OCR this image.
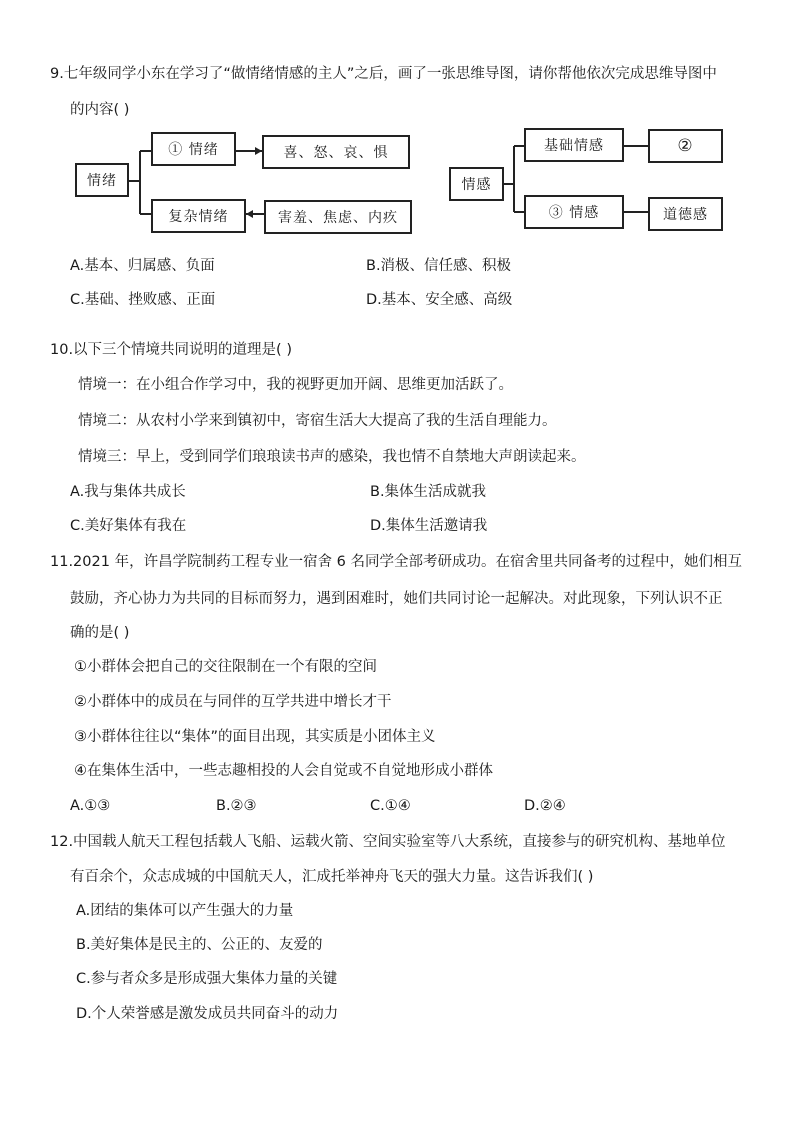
9.七年级同学小东在学习了“做情绪情感的主人”之后，画了一张思维导图，请你帮他依次完成思维导图中
的内容( )
情绪
① 情绪	喜、怒、哀、惧
复杂情绪	害羞、焦虑、内疚
情感
基础情感	②
③ 情感	道德感
A.基本、归属感、负面	B.消极、信任感、积极
C.基础、挫败感、正面	D.基本、安全感、高级
10.以下三个情境共同说明的道理是( )
情境一：在小组合作学习中，我的视野更加开阔、思维更加活跃了。
情境二：从农村小学来到镇初中，寄宿生活大大提高了我的生活自理能力。
情境三：早上，受到同学们琅琅读书声的感染，我也情不自禁地大声朗读起来。
A.我与集体共成长	B.集体生活成就我
C.美好集体有我在	D.集体生活邀请我
11.2021 年，许昌学院制药工程专业一宿舍 6 名同学全部考研成功。在宿舍里共同备考的过程中，她们相互
鼓励，齐心协力为共同的目标而努力，遇到困难时，她们共同讨论一起解决。对此现象，下列认识不正
确的是( )
①小群体会把自己的交往限制在一个有限的空间
②小群体中的成员在与同伴的互学共进中增长才干
③小群体往往以“集体”的面目出现，其实质是小团体主义
④在集体生活中，一些志趣相投的人会自觉或不自觉地形成小群体
A.①③	B.②③	C.①④	D.②④
12.中国载人航天工程包括载人飞船、运载火箭、空间实验室等八大系统，直接参与的研究机构、基地单位
有百余个，众志成城的中国航天人，汇成托举神舟飞天的强大力量。这告诉我们( )
A.团结的集体可以产生强大的力量
B.美好集体是民主的、公正的、友爱的
C.参与者众多是形成强大集体力量的关键
D.个人荣誉感是激发成员共同奋斗的动力
